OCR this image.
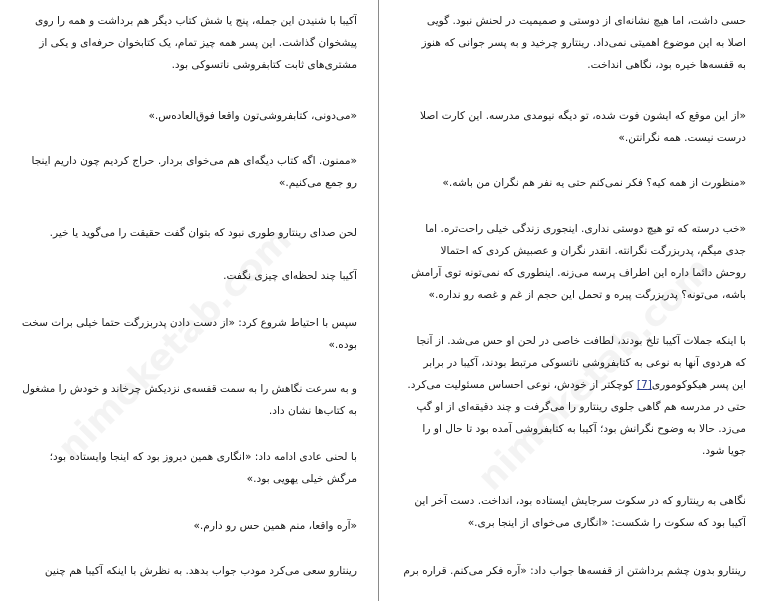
آکیبا با شنیدن این جمله، پنج یا شش کتاب دیگر هم برداشت و همه را روی
پیشخوان گذاشت. این پسر همه چیز تمام، یک کتابخوان حرفه‌ای و یکی از
مشتری‌های ثابت کتابفروشی ناتسوکی بود.

«می‌دونی، کتابفروشی‌تون واقعا فوق‌العاده‌س.»

«ممنون. اگه کتاب دیگه‌ای هم می‌خوای بردار. حراج کردیم چون داریم اینجا
رو جمع می‌کنیم.»

لحن صدای رینتارو طوری نبود که بتوان گفت حقیقت را می‌گوید یا خیر.

آکیبا چند لحظه‌ای چیزی نگفت.

سپس با احتیاط شروع کرد: «از دست دادن پدربزرگت حتما خیلی برات سخت
بوده.»

و به سرعت نگاهش را به سمت قفسه‌ی نزدیکش چرخاند و خودش را مشغول
به کتاب‌ها نشان داد.

با لحنی عادی ادامه داد: «انگاری همین دیروز بود که اینجا وایستاده بود؛
مرگش خیلی یهویی بود.»

«آره واقعا، منم همین حس رو دارم.»

رینتارو سعی می‌کرد مودب جواب بدهد. به نظرش با اینکه آکیبا هم چنین

حسی داشت، اما هیچ نشانه‌ای از دوستی و صمیمیت در لحنش نبود. گویی
اصلا به این موضوع اهمیتی نمی‌داد. رینتارو چرخید و به پسر جوانی که هنوز
به قفسه‌ها خیره بود، نگاهی انداخت.

«از این موقع که ایشون فوت شده، تو دیگه نیومدی مدرسه. این کارت اصلا
درست نیست. همه نگرانتن.»

«منظورت از همه کیه؟ فکر نمی‌کنم حتی یه نفر هم نگران من باشه.»

«خب درسته که تو هیچ دوستی نداری. اینجوری زندگی خیلی راحت‌تره. اما
جدی میگم، پدربزرگت نگرانته. انقدر نگران و عصبیش کردی که احتمالا
روحش دائما داره این اطراف پرسه می‌زنه. اینطوری که نمی‌تونه توی آرامش
باشه، می‌تونه؟ پدربزرگت پیره و تحمل این حجم از غم و غصه رو نداره.»

با اینکه جملات آکیبا تلخ بودند، لطافت خاصی در لحن او حس می‌شد. از آنجا
که هردوی آنها به نوعی به کتابفروشی ناتسوکی مرتبط بودند، آکیبا در برابر
این پسر هیکوکوموری[7] کوچکتر از خودش، نوعی احساس مسئولیت می‌کرد.
حتی در مدرسه هم گاهی جلوی رینتارو را می‌گرفت و چند دقیقه‌ای از او گپ
می‌زد. حالا به وضوح نگرانش بود؛ آکیبا به کتابفروشی آمده بود تا حال او را
جویا شود.

نگاهی به رینتارو که در سکوت سرجایش ایستاده بود، انداخت. دست آخر این
آکیبا بود که سکوت را شکست: «انگاری می‌خوای از اینجا بری.»

رینتارو بدون چشم برداشتن از قفسه‌ها جواب داد: «آره فکر می‌کنم. قراره برم
